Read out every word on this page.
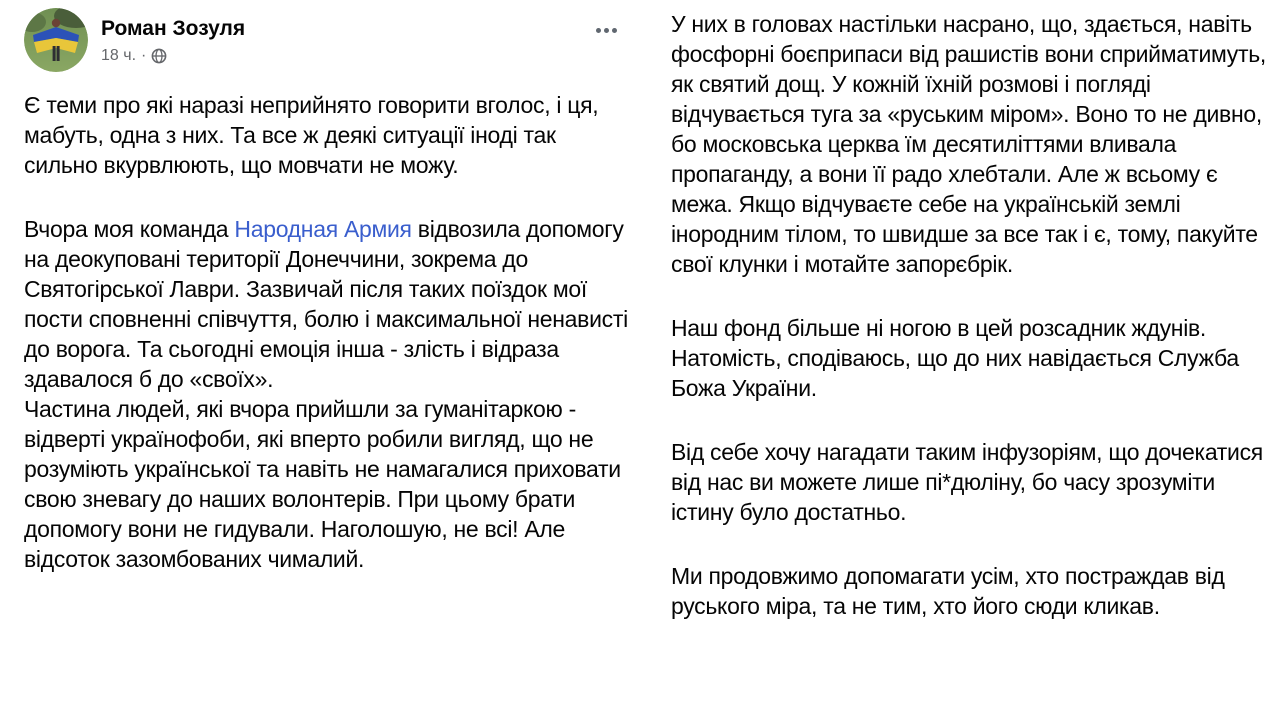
Роман Зозуля
18 ч. ·

Є теми про які наразі неприйнято говорити вголос, і ця, мабуть, одна з них. Та все ж деякі ситуації іноді так сильно вкурвлюють, що мовчати не можу.

Вчора моя команда Народная Армия відвозила допомогу на деокуповані території Донеччини, зокрема до Святогірської Лаври. Зазвичай після таких поїздок мої пости сповненні співчуття, болю і максимальної ненависті до ворога. Та сьогодні емоція інша - злість і відраза здавалося б до «своїх».

Частина людей, які вчора прийшли за гуманітаркою - відверті українофоби, які вперто робили вигляд, що не розуміють української та навіть не намагалися приховати свою зневагу до наших волонтерів. При цьому брати допомогу вони не гидували. Наголошую, не всі! Але відсоток зазомбованих чималий.

У них в головах настільки насрано, що, здається, навіть фосфорні боєприпаси від рашистів вони сприйматимуть, як святий дощ. У кожній їхній розмові і погляді відчувається туга за «руським міром». Воно то не дивно, бо московська церква їм десятиліттями вливала пропаганду, а вони її радо хлебтали. Але ж всьому є межа. Якщо відчуваєте себе на українській землі інородним тілом, то швидше за все так і є, тому, пакуйте свої клунки і мотайте запорєбрік.

Наш фонд більше ні ногою в цей розсадник ждунів. Натомість, сподіваюсь, що до них навідається Служба Божа України.

Від себе хочу нагадати таким інфузоріям, що дочекатися від нас ви можете лише пі*дюліну, бо часу зрозуміти істину було достатньо.

Ми продовжимо допомагати усім, хто постраждав від руського міра, та не тим, хто його сюди кликав.
